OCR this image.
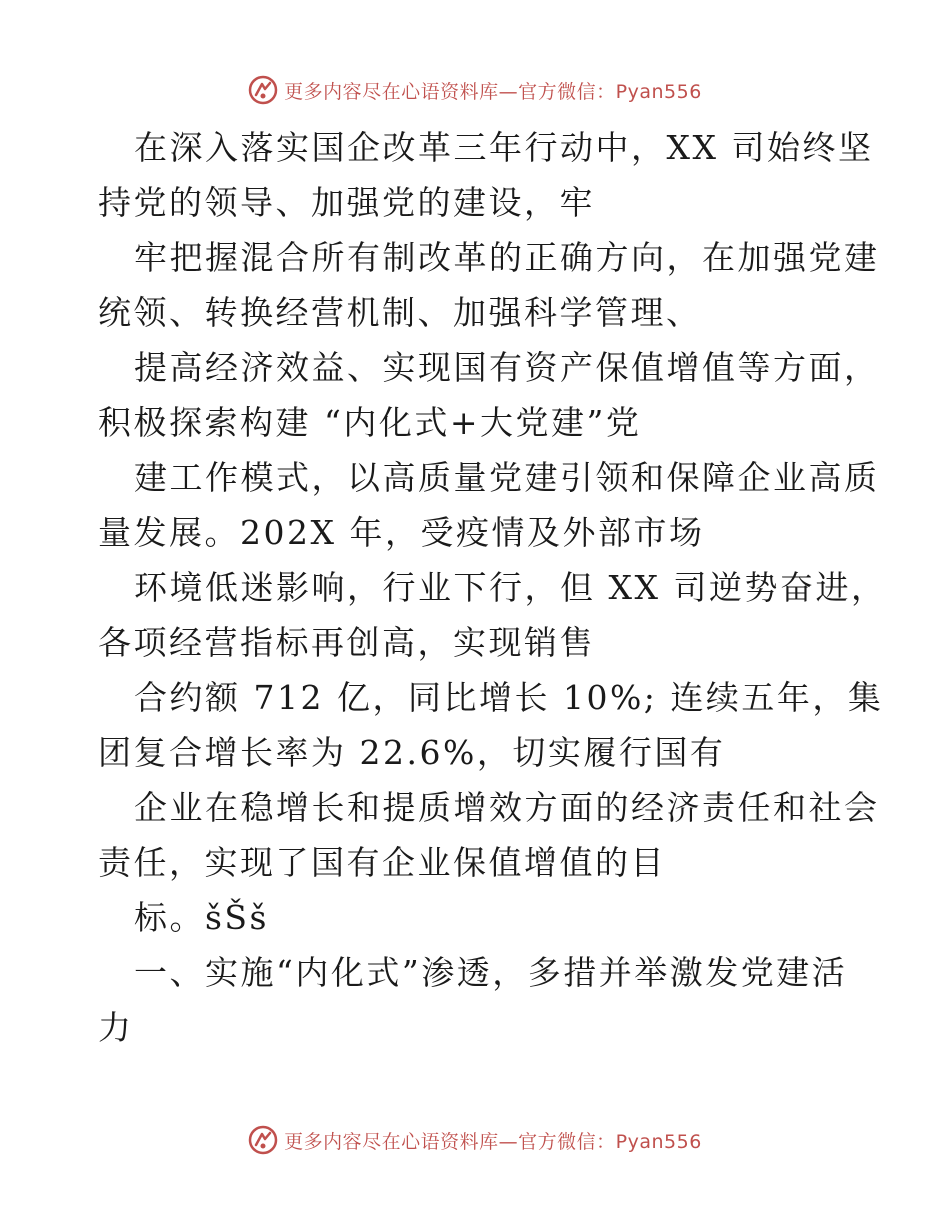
更多内容尽在心语资料库—官方微信：Pyan556

在深入落实国企改革三年行动中，XX 司始终坚
持党的领导、加强党的建设，牢

牢把握混合所有制改革的正确方向，在加强党建
统领、转换经营机制、加强科学管理、

提高经济效益、实现国有资产保值增值等方面，
积极探索构建 “内化式+大党建”党

建工作模式，以高质量党建引领和保障企业高质
量发展。202X 年，受疫情及外部市场

环境低迷影响，行业下行，但 XX 司逆势奋进，
各项经营指标再创高，实现销售

合约额 712 亿，同比增长 10%; 连续五年，集
团复合增长率为 22.6%，切实履行国有

企业在稳增长和提质增效方面的经济责任和社会
责任，实现了国有企业保值增值的目

标。šŠš

一、实施“内化式”渗透，多措并举激发党建活
力

更多内容尽在心语资料库—官方微信：Pyan556
